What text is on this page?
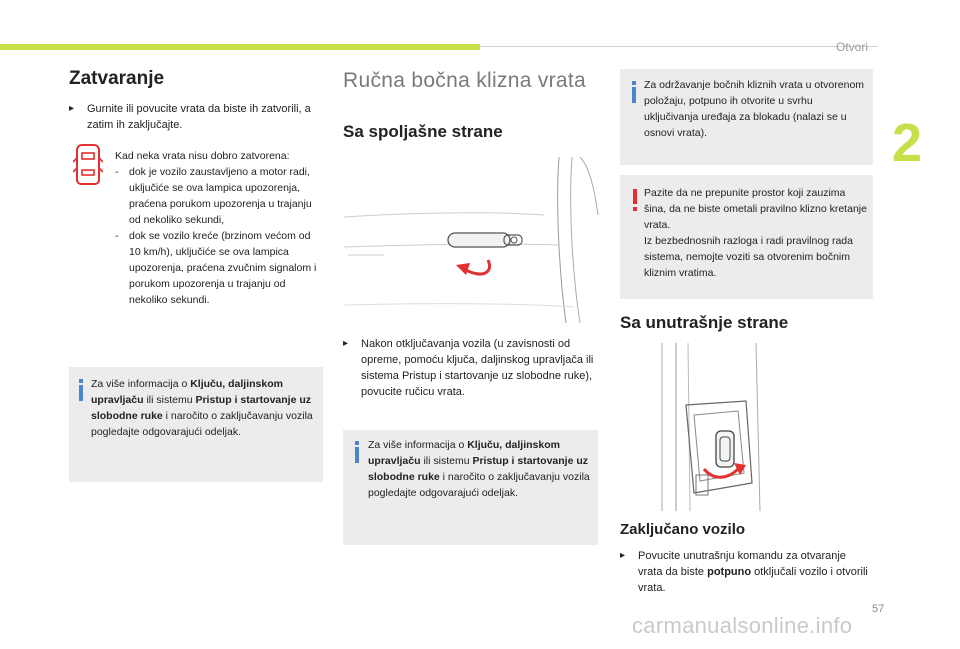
Otvori
2
Zatvaranje
▸	Gurnite ili povucite vrata da biste ih zatvorili, a zatim ih zaključajte.
Kad neka vrata nisu dobro zatvorena:
- dok je vozilo zaustavljeno a motor radi, uključiće se ova lampica upozorenja, praćena porukom upozorenja u trajanju od nekoliko sekundi,
- dok se vozilo kreće (brzinom većom od 10 km/h), uključiće se ova lampica upozorenja, praćena zvučnim signalom i porukom upozorenja u trajanju od nekoliko sekundi.
Za više informacija o Ključu, daljinskom upravljaču ili sistemu Pristup i startovanje uz slobodne ruke i naročito o zaključavanju vozila pogledajte odgovarajući odeljak.
Ručna bočna klizna vrata
Sa spoljašne strane
▸	Nakon otključavanja vozila (u zavisnosti od opreme, pomoću ključa, daljinskog upravljača ili sistema Pristup i startovanje uz slobodne ruke), povucite ručicu vrata.
Za više informacija o Ključu, daljinskom upravljaču ili sistemu Pristup i startovanje uz slobodne ruke i naročito o zaključavanju vozila pogledajte odgovarajući odeljak.
Za održavanje bočnih kliznih vrata u otvorenom položaju, potpuno ih otvorite u svrhu uključivanja uređaja za blokadu (nalazi se u osnovi vrata).
Pazite da ne prepunite prostor koji zauzima šina, da ne biste ometali pravilno klizno kretanje vrata.
Iz bezbednosnih razloga i radi pravilnog rada sistema, nemojte voziti sa otvorenim bočnim kliznim vratima.
Sa unutrašnje strane
Zaključano vozilo
▸	Povucite unutrašnju komandu za otvaranje vrata da biste potpuno otključali vozilo i otvorili vrata.
57
carmanualsonline.info
